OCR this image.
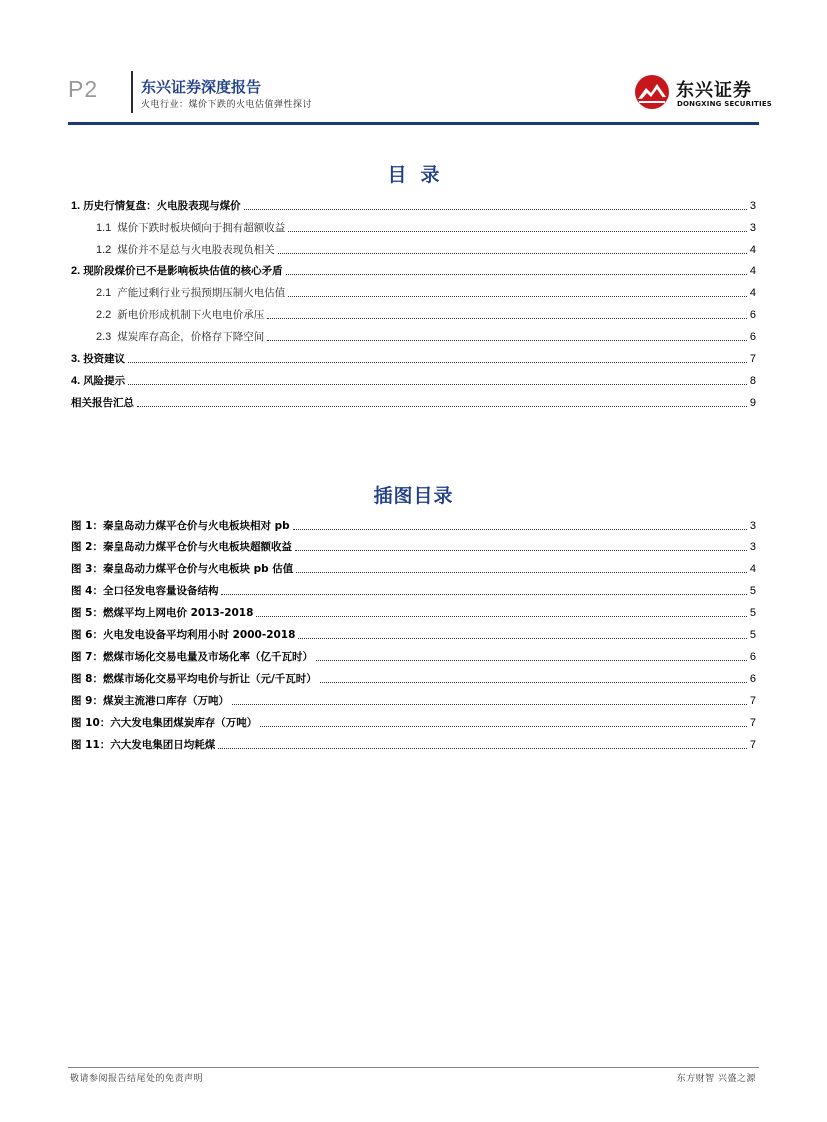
P2	东兴证券深度报告
火电行业：煤价下跌的火电估值弹性探讨
东兴证券
DONGXING SECURITIES
目录
1. 历史行情复盘：火电股表现与煤价	3
1.1 煤价下跌时板块倾向于拥有超额收益	3
1.2 煤价并不是总与火电股表现负相关	4
2. 现阶段煤价已不是影响板块估值的核心矛盾	4
2.1 产能过剩行业亏损预期压制火电估值	4
2.2 新电价形成机制下火电电价承压	6
2.3 煤炭库存高企，价格存下降空间	6
3. 投资建议	7
4. 风险提示	8
相关报告汇总	9
插图目录
图 1：秦皇岛动力煤平仓价与火电板块相对 pb	3
图 2：秦皇岛动力煤平仓价与火电板块超额收益	3
图 3：秦皇岛动力煤平仓价与火电板块 pb 估值	4
图 4：全口径发电容量设备结构	5
图 5：燃煤平均上网电价 2013-2018	5
图 6：火电发电设备平均利用小时 2000-2018	5
图 7：燃煤市场化交易电量及市场化率（亿千瓦时）	6
图 8：燃煤市场化交易平均电价与折让（元/千瓦时）	6
图 9：煤炭主流港口库存（万吨）	7
图 10：六大发电集团煤炭库存（万吨）	7
图 11：六大发电集团日均耗煤	7
敬请参阅报告结尾处的免责声明	东方财智 兴盛之源
